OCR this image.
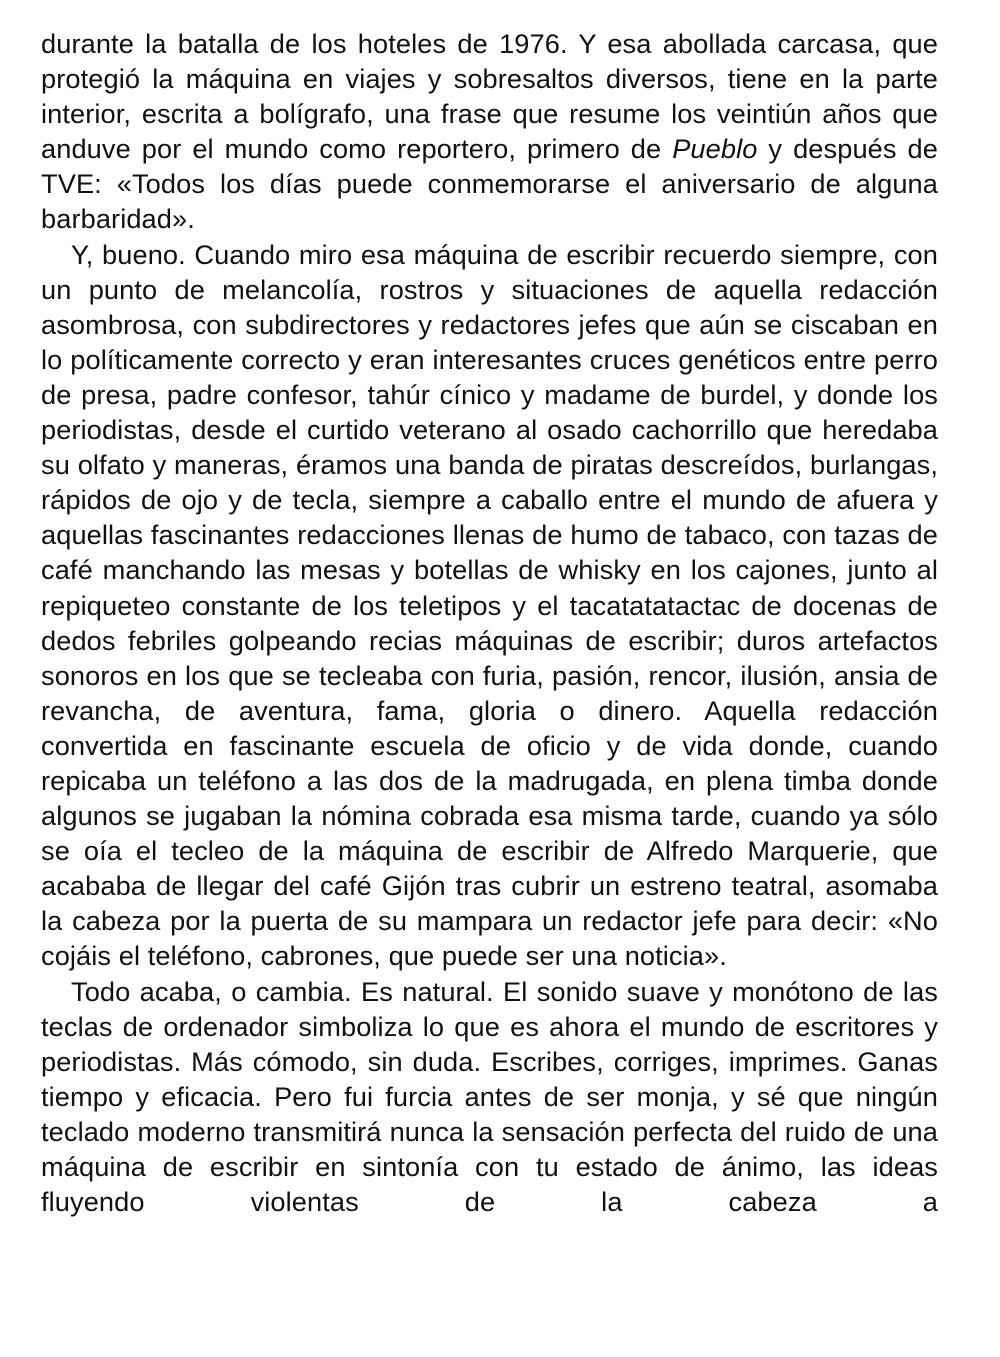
durante la batalla de los hoteles de 1976. Y esa abollada carcasa, que protegió la máquina en viajes y sobresaltos diversos, tiene en la parte interior, escrita a bolígrafo, una frase que resume los veintiún años que anduve por el mundo como reportero, primero de Pueblo y después de TVE: «Todos los días puede conmemorarse el aniversario de alguna barbaridad».

Y, bueno. Cuando miro esa máquina de escribir recuerdo siempre, con un punto de melancolía, rostros y situaciones de aquella redacción asombrosa, con subdirectores y redactores jefes que aún se ciscaban en lo políticamente correcto y eran interesantes cruces genéticos entre perro de presa, padre confesor, tahúr cínico y madame de burdel, y donde los periodistas, desde el curtido veterano al osado cachorrillo que heredaba su olfato y maneras, éramos una banda de piratas descreídos, burlangas, rápidos de ojo y de tecla, siempre a caballo entre el mundo de afuera y aquellas fascinantes redacciones llenas de humo de tabaco, con tazas de café manchando las mesas y botellas de whisky en los cajones, junto al repiqueteo constante de los teletipos y el tacatatatactac de docenas de dedos febriles golpeando recias máquinas de escribir; duros artefactos sonoros en los que se tecleaba con furia, pasión, rencor, ilusión, ansia de revancha, de aventura, fama, gloria o dinero. Aquella redacción convertida en fascinante escuela de oficio y de vida donde, cuando repicaba un teléfono a las dos de la madrugada, en plena timba donde algunos se jugaban la nómina cobrada esa misma tarde, cuando ya sólo se oía el tecleo de la máquina de escribir de Alfredo Marquerie, que acababa de llegar del café Gijón tras cubrir un estreno teatral, asomaba la cabeza por la puerta de su mampara un redactor jefe para decir: «No cojáis el teléfono, cabrones, que puede ser una noticia».

Todo acaba, o cambia. Es natural. El sonido suave y monótono de las teclas de ordenador simboliza lo que es ahora el mundo de escritores y periodistas. Más cómodo, sin duda. Escribes, corriges, imprimes. Ganas tiempo y eficacia. Pero fui furcia antes de ser monja, y sé que ningún teclado moderno transmitirá nunca la sensación perfecta del ruido de una máquina de escribir en sintonía con tu estado de ánimo, las ideas fluyendo violentas de la cabeza a
